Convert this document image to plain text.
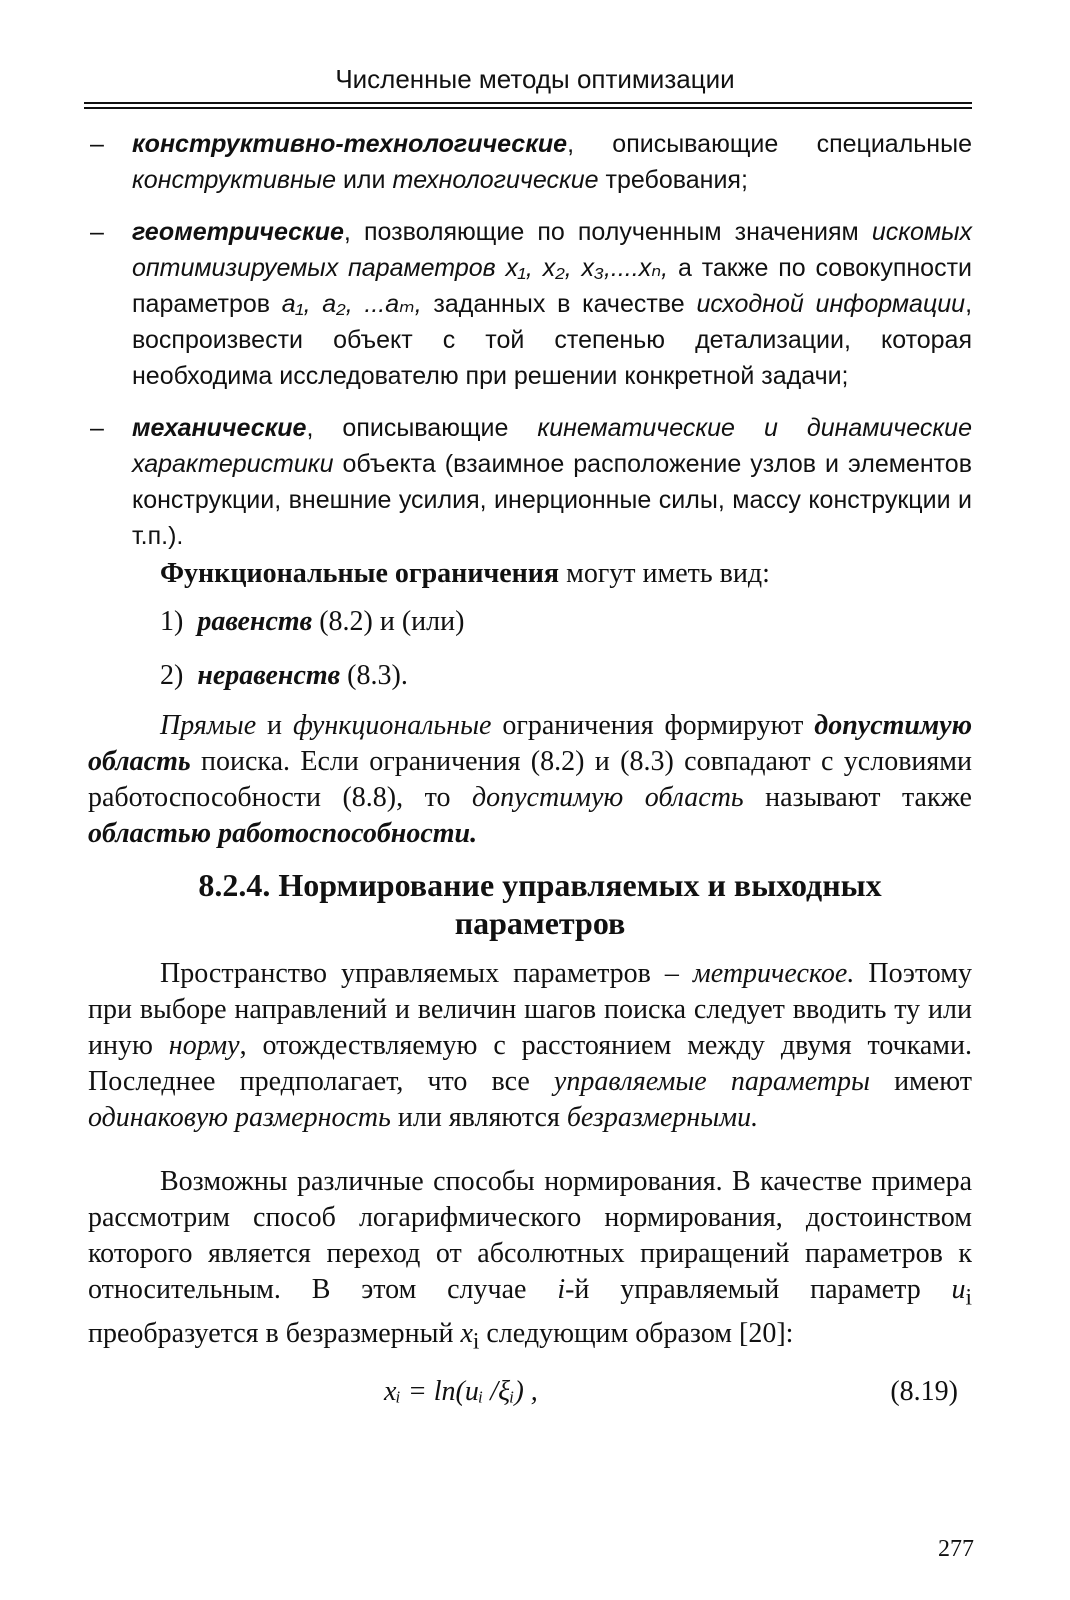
Численные методы оптимизации
– конструктивно-технологические, описывающие специальные конструктивные или технологические требования;
– геометрические, позволяющие по полученным значениям искомых оптимизируемых параметров x₁, x₂, x₃,....xₙ, а также по совокупности параметров a₁, a₂, ...aₘ, заданных в качестве исходной информации, воспроизвести объект с той степенью детализации, которая необходима исследователю при решении конкретной задачи;
– механические, описывающие кинематические и динамические характеристики объекта (взаимное расположение узлов и элементов конструкции, внешние усилия, инерционные силы, массу конструкции и т.п.).
Функциональные ограничения могут иметь вид:
1) равенств (8.2) и (или)
2) неравенств (8.3).
Прямые и функциональные ограничения формируют допустимую область поиска. Если ограничения (8.2) и (8.3) совпадают с условиями работоспособности (8.8), то допустимую область называют также областью работоспособности.
8.2.4. Нормирование управляемых и выходных
параметров
Пространство управляемых параметров – метрическое. Поэтому при выборе направлений и величин шагов поиска следует вводить ту или иную норму, отождествляемую с расстоянием между двумя точками. Последнее предполагает, что все управляемые параметры имеют одинаковую размерность или являются безразмерными.
Возможны различные способы нормирования. В качестве примера рассмотрим способ логарифмического нормирования, достоинством которого является переход от абсолютных приращений параметров к относительным. В этом случае i-й управляемый параметр $u_i$ преобразуется в безразмерный $x_i$ следующим образом [20]:
xᵢ = ln(uᵢ /ξᵢ) ,	(8.19)
277
